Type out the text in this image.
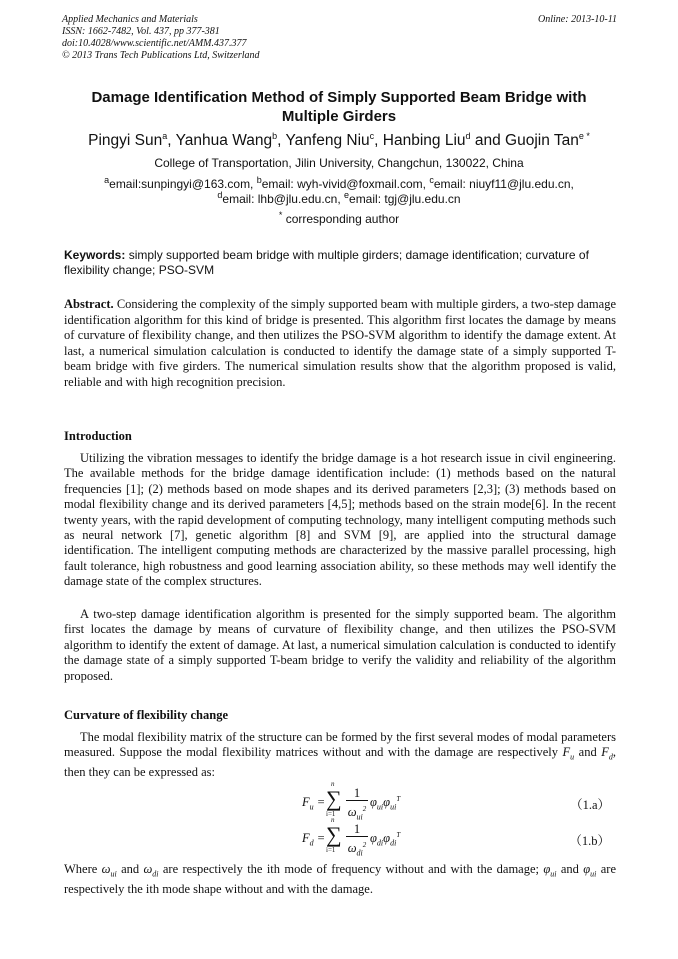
Applied Mechanics and Materials
ISSN: 1662-7482, Vol. 437, pp 377-381
doi:10.4028/www.scientific.net/AMM.437.377
© 2013 Trans Tech Publications Ltd, Switzerland
Online: 2013-10-11
Damage Identification Method of Simply Supported Beam Bridge with
Multiple Girders
Pingyi Sun$^a$, Yanhua Wang$^b$, Yanfeng Niu$^c$, Hanbing Liu$^d$ and Guojin Tan$^{e *}$
College of Transportation, Jilin University, Changchun, 130022, China
$^a$email:sunpingyi@163.com, $^b$email: wyh-vivid@foxmail.com, $^c$email: niuyf11@jlu.edu.cn,
$^d$email: lhb@jlu.edu.cn, $^e$email: tgj@jlu.edu.cn
* corresponding author
Keywords: simply supported beam bridge with multiple girders; damage identification; curvature of flexibility change; PSO-SVM
Abstract. Considering the complexity of the simply supported beam with multiple girders, a two-step damage identification algorithm for this kind of bridge is presented. This algorithm first locates the damage by means of curvature of flexibility change, and then utilizes the PSO-SVM algorithm to identify the damage extent. At last, a numerical simulation calculation is conducted to identify the damage state of a simply supported T-beam bridge with five girders. The numerical simulation results show that the algorithm proposed is valid, reliable and with high recognition precision.
Introduction
Utilizing the vibration messages to identify the bridge damage is a hot research issue in civil engineering. The available methods for the bridge damage identification include: (1) methods based on the natural frequencies [1]; (2) methods based on mode shapes and its derived parameters [2,3]; (3) methods based on modal flexibility change and its derived parameters [4,5]; methods based on the strain mode[6]. In the recent twenty years, with the rapid development of computing technology, many intelligent computing methods such as neural network [7], genetic algorithm [8] and SVM [9], are applied into the structural damage identification. The intelligent computing methods are characterized by the massive parallel processing, high fault tolerance, high robustness and good learning association ability, so these methods may well identify the damage state of the complex structures.
A two-step damage identification algorithm is presented for the simply supported beam. The algorithm first locates the damage by means of curvature of flexibility change, and then utilizes the PSO-SVM algorithm to identify the extent of damage. At last, a numerical simulation calculation is conducted to identify the damage state of a simply supported T-beam bridge to verify the validity and reliability of the algorithm proposed.
Curvature of flexibility change
The modal flexibility matrix of the structure can be formed by the first several modes of modal parameters measured. Suppose the modal flexibility matrices without and with the damage are respectively $F_u$ and $F_d$, then they can be expressed as:
$F_u$ = ∑
n
i=1
1
$\omega_{ui}^2$ $\varphi_{ui}\varphi_{ui}^T$	（1.a）
$F_d$ = ∑
n
i=1
1
$\omega_{di}^2$ $\varphi_{di}\varphi_{di}^T$	（1.b）
Where $\omega_{ui}$ and $\omega_{di}$ are respectively the ith mode of frequency without and with the damage; $\varphi_{ui}$ and $\varphi_{ui}$ are respectively the ith mode shape without and with the damage.
